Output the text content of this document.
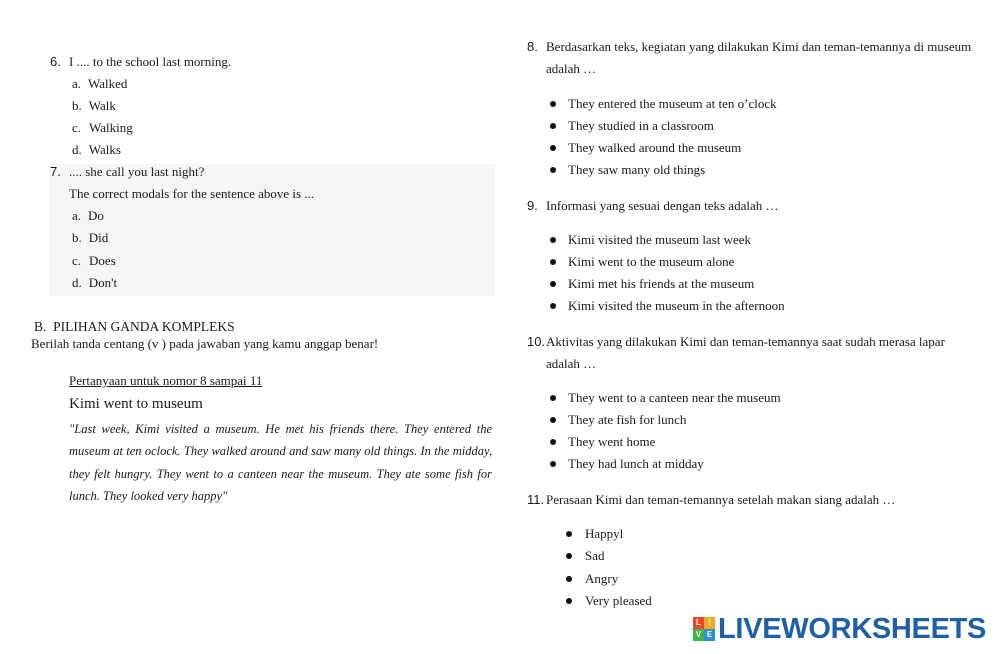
6. I .... to the school last morning.
a. Walked
b. Walk
c. Walking
d. Walks
7. .... she call you last night?
The correct modals for the sentence above is ...
a. Do
b. Did
c. Does
d. Don't
B.  PILIHAN GANDA KOMPLEKS
Berilah tanda centang (v ) pada jawaban yang kamu anggap benar!
Pertanyaan untuk nomor 8 sampai 11
Kimi went to museum
"Last week, Kimi visited a museum. He met his friends there. They entered the museum at ten oclock. They walked around and saw many old things. In the midday, they felt hungry. They went to a canteen near the museum. They ate some fish for lunch. They looked very happy"
8. Berdasarkan teks, kegiatan yang dilakukan Kimi dan teman-temannya di museum
adalah …
They entered the museum at ten o’clock
They studied in a classroom
They walked around the museum
They saw many old things
9. Informasi yang sesuai dengan teks adalah …
Kimi visited the museum last week
Kimi went to the museum alone
Kimi met his friends at the museum
Kimi visited the museum in the afternoon
10. Aktivitas yang dilakukan Kimi dan teman-temannya saat sudah merasa lapar
adalah …
They went to a canteen near the museum
They ate fish for lunch
They went home
They had lunch at midday
11. Perasaan Kimi dan teman-temannya setelah makan siang adalah …
Happyl
Sad
Angry
Very pleased
L I
V E LIVEWORKSHEETS
